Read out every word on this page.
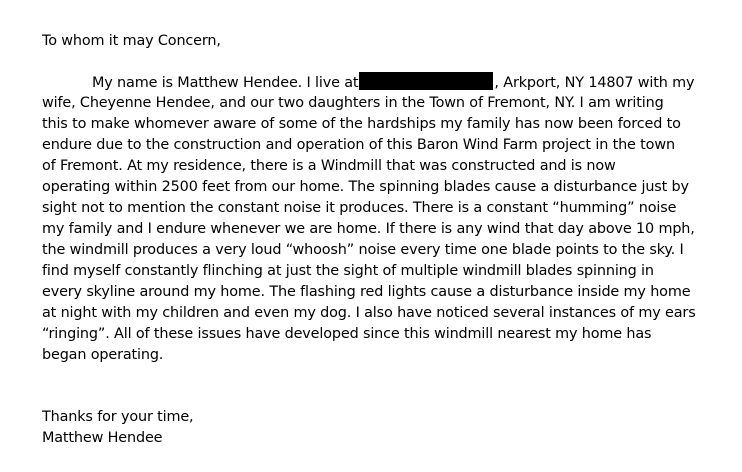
To whom it may Concern,
My name is Matthew Hendee. I live at	, Arkport, NY 14807 with my
wife, Cheyenne Hendee, and our two daughters in the Town of Fremont, NY. I am writing
this to make whomever aware of some of the hardships my family has now been forced to
endure due to the construction and operation of this Baron Wind Farm project in the town
of Fremont. At my residence, there is a Windmill that was constructed and is now
operating within 2500 feet from our home. The spinning blades cause a disturbance just by
sight not to mention the constant noise it produces. There is a constant “humming” noise
my family and I endure whenever we are home. If there is any wind that day above 10 mph,
the windmill produces a very loud “whoosh” noise every time one blade points to the sky. I
find myself constantly flinching at just the sight of multiple windmill blades spinning in
every skyline around my home. The flashing red lights cause a disturbance inside my home
at night with my children and even my dog. I also have noticed several instances of my ears
“ringing”. All of these issues have developed since this windmill nearest my home has
began operating.
Thanks for your time,
Matthew Hendee
